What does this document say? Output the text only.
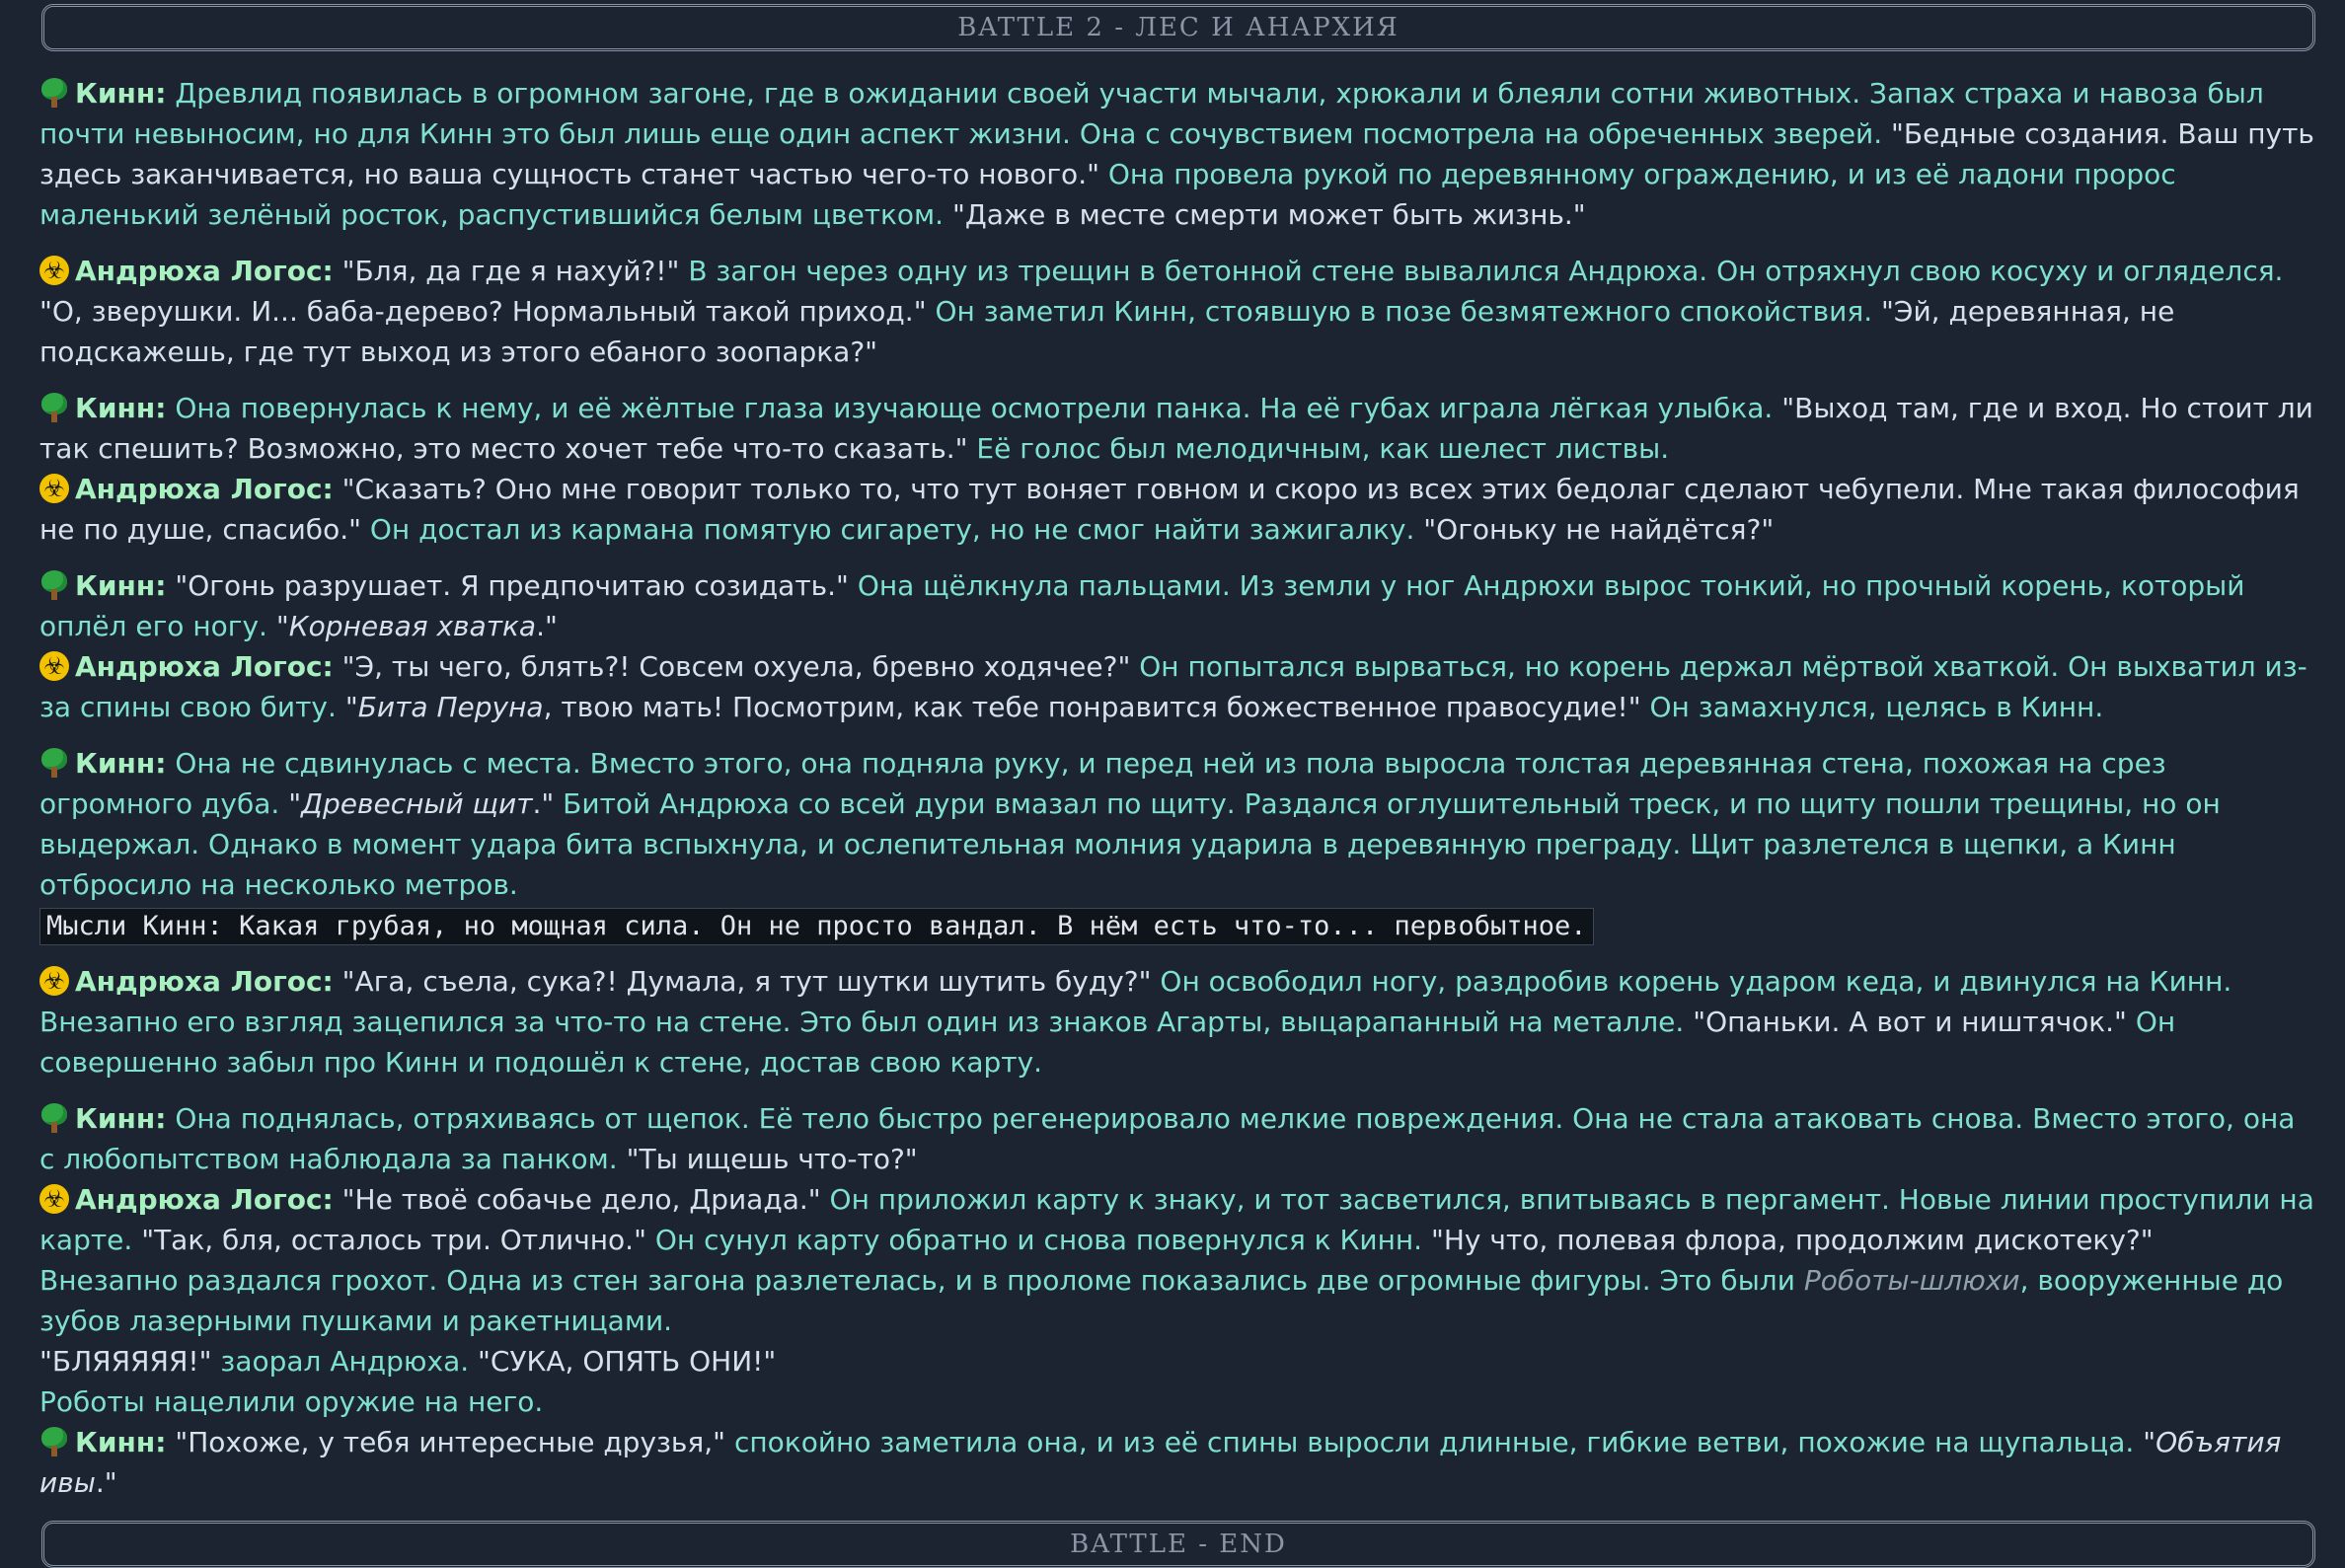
BATTLE 2 - ЛЕС И АНАРХИЯ

Кинн: Древлид появилась в огромном загоне, где в ожидании своей участи мычали, хрюкали и блеяли сотни животных. Запах страха и навоза был почти невыносим, но для Кинн это был лишь еще один аспект жизни. Она с сочувствием посмотрела на обреченных зверей. "Бедные создания. Ваш путь здесь заканчивается, но ваша сущность станет частью чего-то нового." Она провела рукой по деревянному ограждению, и из её ладони пророс маленький зелёный росток, распустившийся белым цветком. "Даже в месте смерти может быть жизнь."

☣ Андрюха Логос: "Бля, да где я нахуй?!" В загон через одну из трещин в бетонной стене вывалился Андрюха. Он отряхнул свою косуху и огляделся. "О, зверушки. И... баба-дерево? Нормальный такой приход." Он заметил Кинн, стоявшую в позе безмятежного спокойствия. "Эй, деревянная, не подскажешь, где тут выход из этого ебаного зоопарка?"

Кинн: Она повернулась к нему, и её жёлтые глаза изучающе осмотрели панка. На её губах играла лёгкая улыбка. "Выход там, где и вход. Но стоит ли так спешить? Возможно, это место хочет тебе что-то сказать." Её голос был мелодичным, как шелест листвы.

☣ Андрюха Логос: "Сказать? Оно мне говорит только то, что тут воняет говном и скоро из всех этих бедолаг сделают чебупели. Мне такая философия не по душе, спасибо." Он достал из кармана помятую сигарету, но не смог найти зажигалку. "Огоньку не найдётся?"

Кинн: "Огонь разрушает. Я предпочитаю созидать." Она щёлкнула пальцами. Из земли у ног Андрюхи вырос тонкий, но прочный корень, который оплёл его ногу. "Корневая хватка."

☣ Андрюха Логос: "Э, ты чего, блять?! Совсем охуела, бревно ходячее?" Он попытался вырваться, но корень держал мёртвой хваткой. Он выхватил из-за спины свою биту. "Бита Перуна, твою мать! Посмотрим, как тебе понравится божественное правосудие!" Он замахнулся, целясь в Кинн.

Кинн: Она не сдвинулась с места. Вместо этого, она подняла руку, и перед ней из пола выросла толстая деревянная стена, похожая на срез огромного дуба. "Древесный щит." Битой Андрюха со всей дури вмазал по щиту. Раздался оглушительный треск, и по щиту пошли трещины, но он выдержал. Однако в момент удара бита вспыхнула, и ослепительная молния ударила в деревянную преграду. Щит разлетелся в щепки, а Кинн отбросило на несколько метров.

Мысли Кинн: Какая грубая, но мощная сила. Он не просто вандал. В нём есть что-то... первобытное.

☣ Андрюха Логос: "Ага, съела, сука?! Думала, я тут шутки шутить буду?" Он освободил ногу, раздробив корень ударом кеда, и двинулся на Кинн. Внезапно его взгляд зацепился за что-то на стене. Это был один из знаков Агарты, выцарапанный на металле. "Опаньки. А вот и ништячок." Он совершенно забыл про Кинн и подошёл к стене, достав свою карту.

Кинн: Она поднялась, отряхиваясь от щепок. Её тело быстро регенерировало мелкие повреждения. Она не стала атаковать снова. Вместо этого, она с любопытством наблюдала за панком. "Ты ищешь что-то?"

☣ Андрюха Логос: "Не твоё собачье дело, Дриада." Он приложил карту к знаку, и тот засветился, впитываясь в пергамент. Новые линии проступили на карте. "Так, бля, осталось три. Отлично." Он сунул карту обратно и снова повернулся к Кинн. "Ну что, полевая флора, продолжим дискотеку?"

Внезапно раздался грохот. Одна из стен загона разлетелась, и в проломе показались две огромные фигуры. Это были Роботы-шлюхи, вооруженные до зубов лазерными пушками и ракетницами.

"БЛЯЯЯЯЯ!" заорал Андрюха. "СУКА, ОПЯТЬ ОНИ!"

Роботы нацелили оружие на него.

Кинн: "Похоже, у тебя интересные друзья," спокойно заметила она, и из её спины выросли длинные, гибкие ветви, похожие на щупальца. "Объятия ивы."

BATTLE - END
